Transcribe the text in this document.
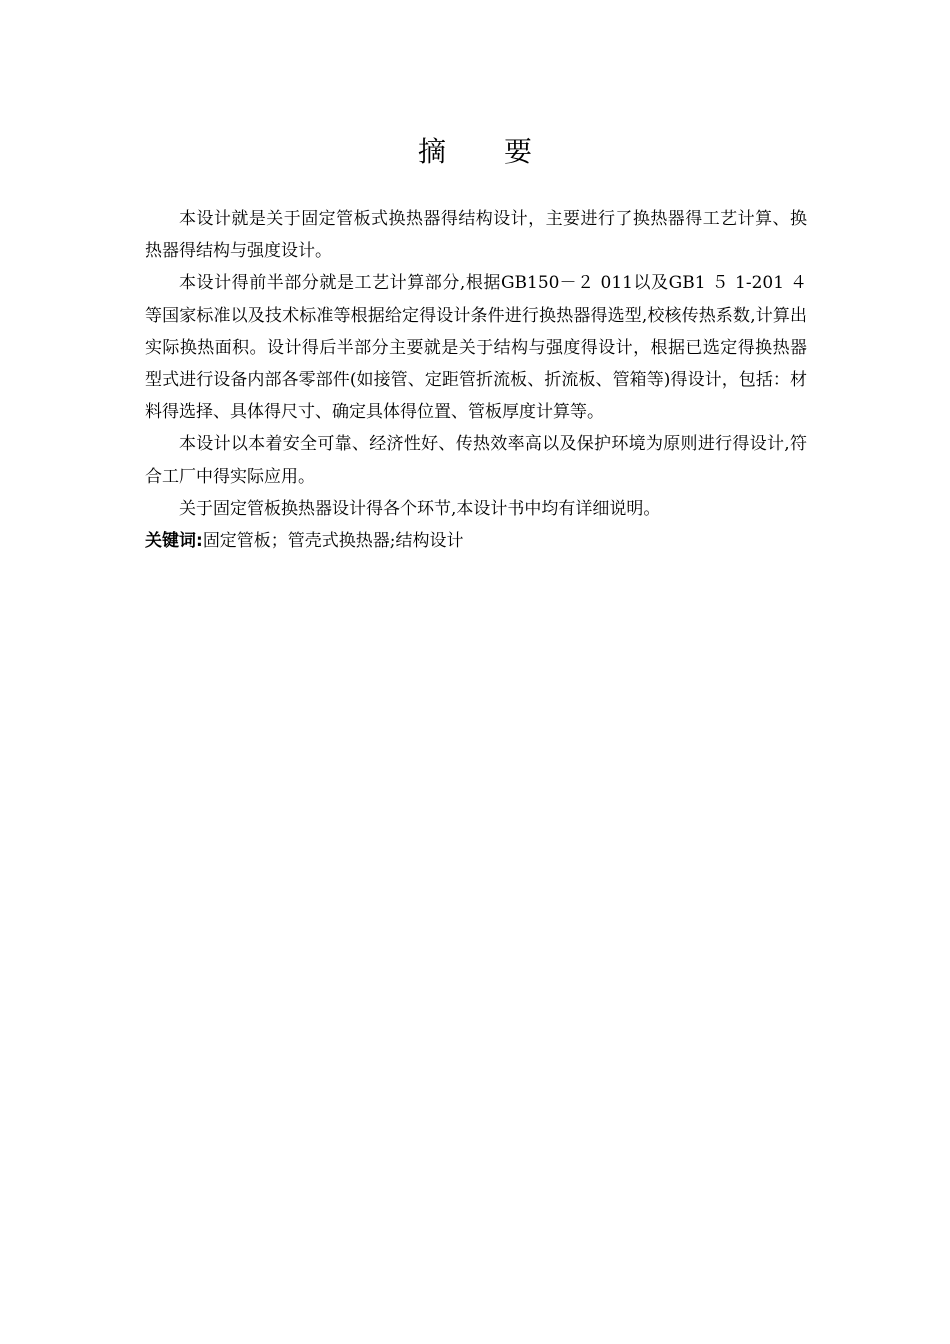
摘 要

本设计就是关于固定管板式换热器得结构设计，主要进行了换热器得工艺计算、换热器得结构与强度设计。

本设计得前半部分就是工艺计算部分,根据GB150－２ 011以及GB1 ５ 1-201 ４等国家标准以及技术标准等根据给定得设计条件进行换热器得选型,校核传热系数,计算出实际换热面积。设计得后半部分主要就是关于结构与强度得设计，根据已选定得换热器型式进行设备内部各零部件(如接管、定距管折流板、折流板、管箱等)得设计，包括：材料得选择、具体得尺寸、确定具体得位置、管板厚度计算等。

本设计以本着安全可靠、经济性好、传热效率高以及保护环境为原则进行得设计,符合工厂中得实际应用。

关于固定管板换热器设计得各个环节,本设计书中均有详细说明。

关键词:固定管板；管壳式换热器;结构设计
